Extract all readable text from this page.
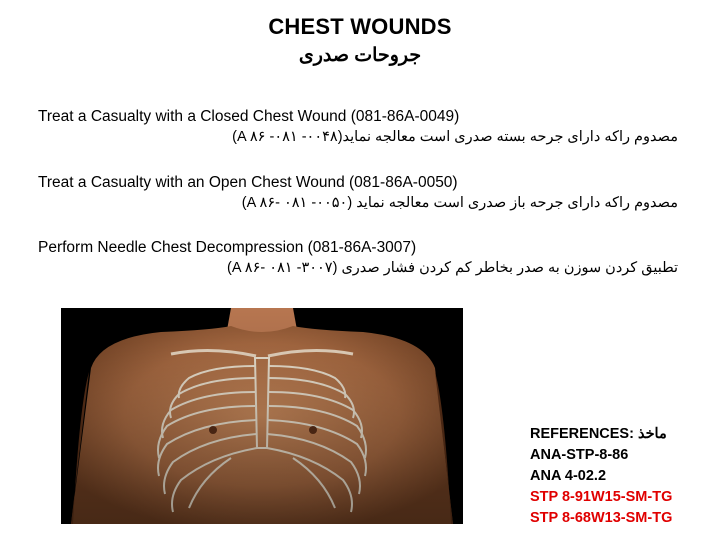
CHEST WOUNDS
جروحات صدری
Treat a Casualty with a Closed Chest Wound (081-86A-0049)
مصدوم راکه دارای جرحه بسته صدری است معالجه نماید(۰۰۴۸- A ۸۶ -۰۸۱)
Treat a Casualty with an Open Chest Wound (081-86A-0050)
مصدوم راکه دارای جرحه باز صدری است معالجه نماید (۰۰۵۰- A ۸۶- ۰۸۱)
Perform Needle Chest Decompression (081-86A-3007)
تطبیق کردن سوزن به صدر بخاطر کم کردن فشار صدری (۳۰۰۷- A ۸۶- ۰۸۱)
REFERENCES: ماخذ
ANA-STP-8-86
ANA 4-02.2
STP 8-91W15-SM-TG
STP 8-68W13-SM-TG
